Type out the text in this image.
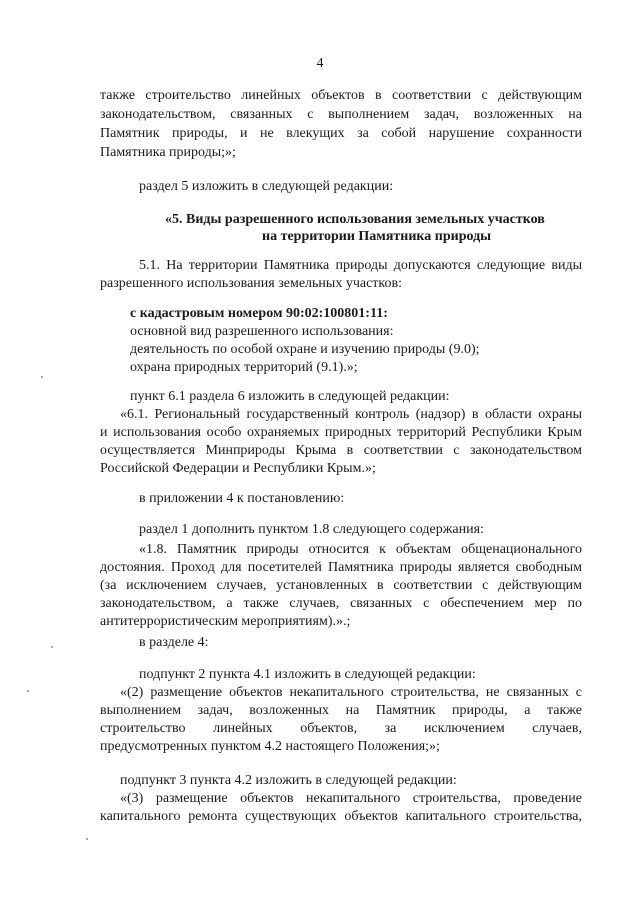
4
также строительство линейных объектов в соответствии с действующим
законодательством, связанных с выполнением задач, возложенных на
Памятник природы, и не влекущих за собой нарушение сохранности
Памятника природы;»;
раздел 5 изложить в следующей редакции:
«5. Виды разрешенного использования земельных участков
на территории Памятника природы
5.1. На территории Памятника природы допускаются следующие виды
разрешенного использования земельных участков:
с кадастровым номером 90:02:100801:11:
основной вид разрешенного использования:
деятельность по особой охране и изучению природы (9.0);
охрана природных территорий (9.1).»;
пункт 6.1 раздела 6 изложить в следующей редакции:
«6.1. Региональный государственный контроль (надзор) в области охраны
и использования особо охраняемых природных территорий Республики Крым
осуществляется Минприроды Крыма в соответствии с законодательством
Российской Федерации и Республики Крым.»;
в приложении 4 к постановлению:
раздел 1 дополнить пунктом 1.8 следующего содержания:
«1.8. Памятник природы относится к объектам общенационального
достояния. Проход для посетителей Памятника природы является свободным
(за исключением случаев, установленных в соответствии с действующим
законодательством, а также случаев, связанных с обеспечением мер по
антитеррористическим мероприятиям).».;
в разделе 4:
подпункт 2 пункта 4.1 изложить в следующей редакции:
«(2) размещение объектов некапитального строительства, не связанных с
выполнением задач, возложенных на Памятник природы, а также
строительство линейных объектов, за исключением случаев,
предусмотренных пунктом 4.2 настоящего Положения;»;
подпункт 3 пункта 4.2 изложить в следующей редакции:
«(3) размещение объектов некапитального строительства, проведение
капитального ремонта существующих объектов капитального строительства,
